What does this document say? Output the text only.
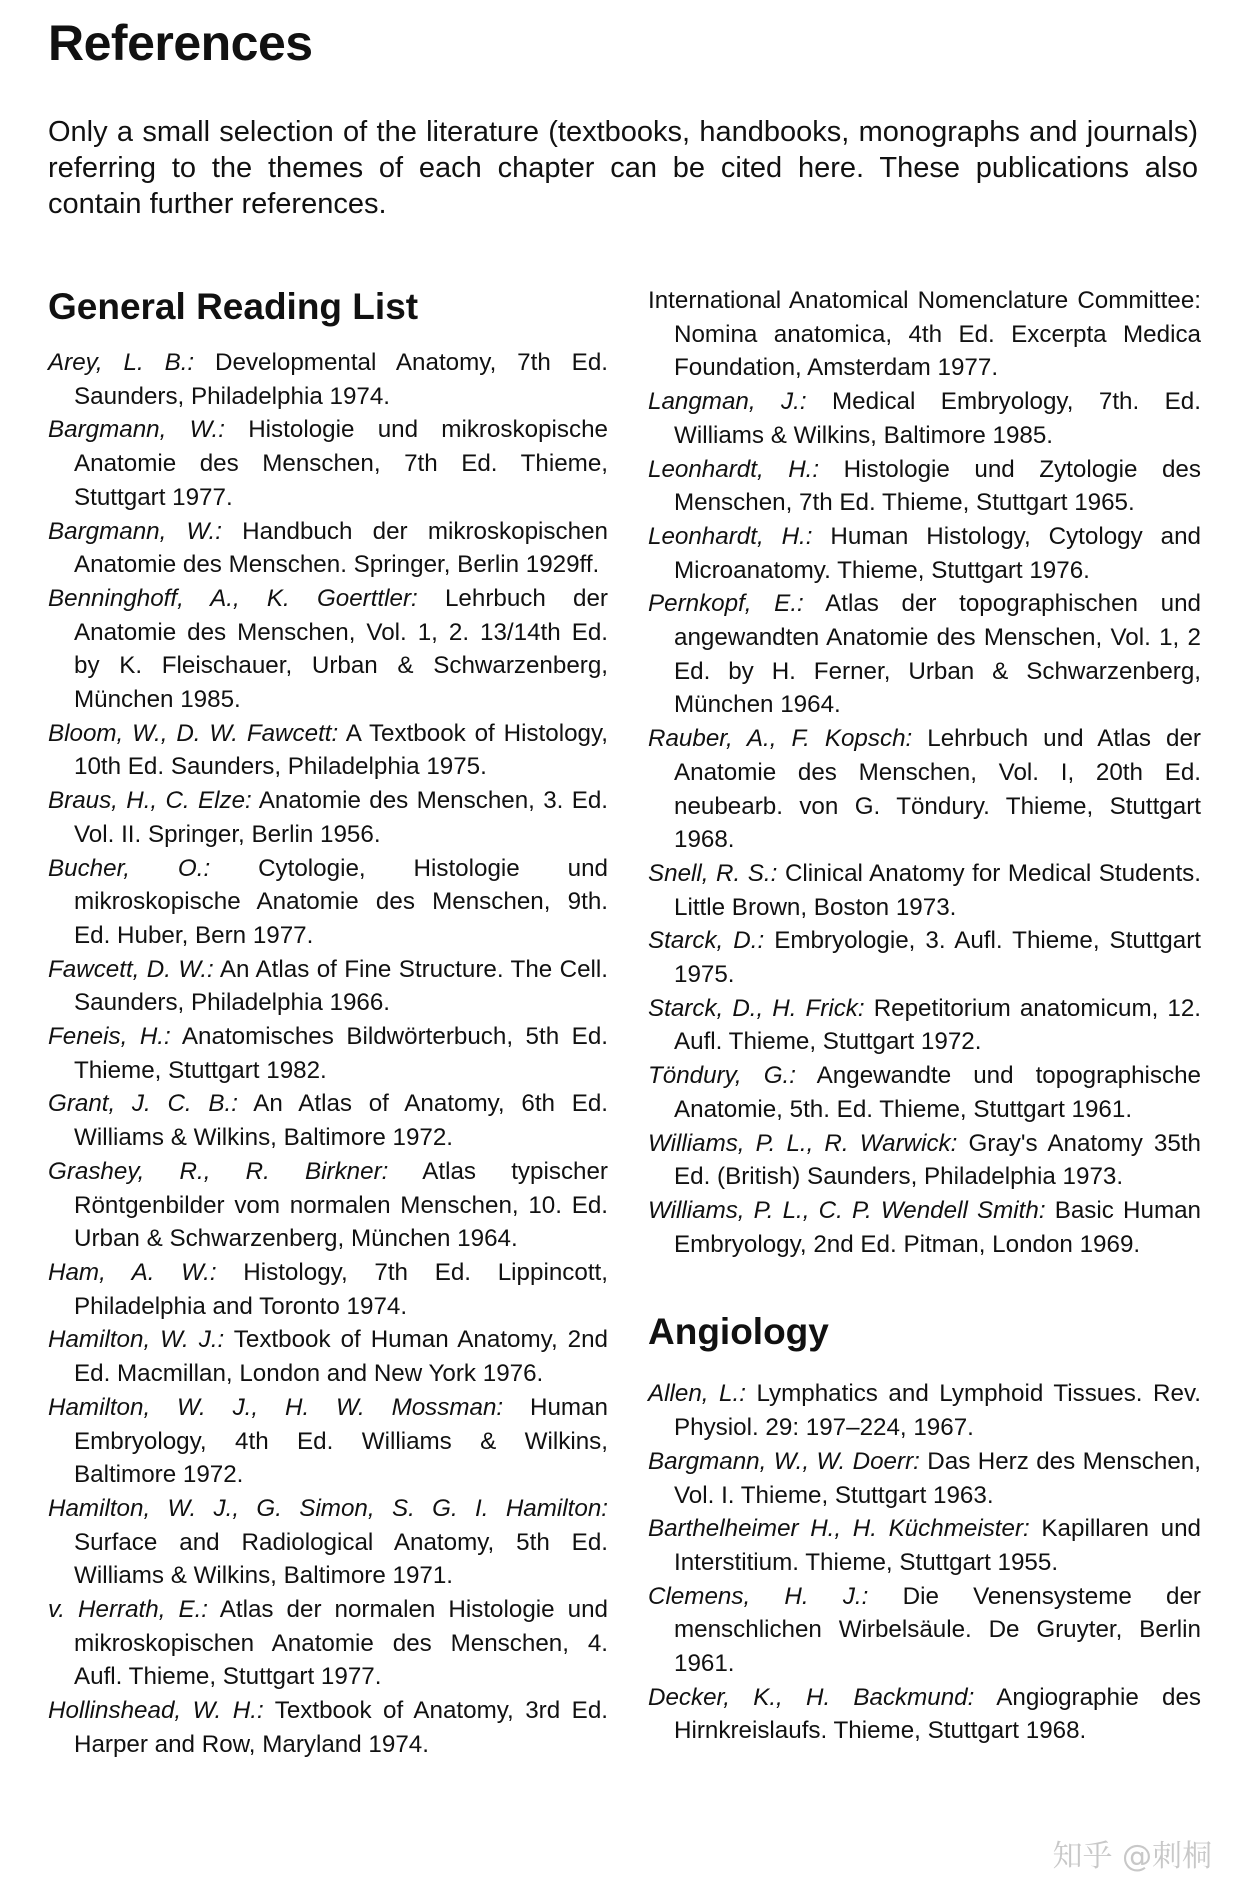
References

Only a small selection of the literature (textbooks, handbooks, monographs and journals) referring to the themes of each chapter can be cited here. These publications also contain further references.

General Reading List
Arey, L. B.: Developmental Anatomy, 7th Ed. Saunders, Philadelphia 1974.
Bargmann, W.: Histologie und mikroskopische Anatomie des Menschen, 7th Ed. Thieme, Stuttgart 1977.
Bargmann, W.: Handbuch der mikroskopischen Anatomie des Menschen. Springer, Berlin 1929ff.
Benninghoff, A., K. Goerttler: Lehrbuch der Anatomie des Menschen, Vol. 1, 2. 13/14th Ed. by K. Fleischauer, Urban & Schwarzenberg, München 1985.
Bloom, W., D. W. Fawcett: A Textbook of Histology, 10th Ed. Saunders, Philadelphia 1975.
Braus, H., C. Elze: Anatomie des Menschen, 3. Ed. Vol. II. Springer, Berlin 1956.
Bucher, O.: Cytologie, Histologie und mikroskopische Anatomie des Menschen, 9th. Ed. Huber, Bern 1977.
Fawcett, D. W.: An Atlas of Fine Structure. The Cell. Saunders, Philadelphia 1966.
Feneis, H.: Anatomisches Bildwörterbuch, 5th Ed. Thieme, Stuttgart 1982.
Grant, J. C. B.: An Atlas of Anatomy, 6th Ed. Williams & Wilkins, Baltimore 1972.
Grashey, R., R. Birkner: Atlas typischer Röntgenbilder vom normalen Menschen, 10. Ed. Urban & Schwarzenberg, München 1964.
Ham, A. W.: Histology, 7th Ed. Lippincott, Philadelphia and Toronto 1974.
Hamilton, W. J.: Textbook of Human Anatomy, 2nd Ed. Macmillan, London and New York 1976.
Hamilton, W. J., H. W. Mossman: Human Embryology, 4th Ed. Williams & Wilkins, Baltimore 1972.
Hamilton, W. J., G. Simon, S. G. I. Hamilton: Surface and Radiological Anatomy, 5th Ed. Williams & Wilkins, Baltimore 1971.
v. Herrath, E.: Atlas der normalen Histologie und mikroskopischen Anatomie des Menschen, 4. Aufl. Thieme, Stuttgart 1977.
Hollinshead, W. H.: Textbook of Anatomy, 3rd Ed. Harper and Row, Maryland 1974.
International Anatomical Nomenclature Committee: Nomina anatomica, 4th Ed. Excerpta Medica Foundation, Amsterdam 1977.
Langman, J.: Medical Embryology, 7th. Ed. Williams & Wilkins, Baltimore 1985.
Leonhardt, H.: Histologie und Zytologie des Menschen, 7th Ed. Thieme, Stuttgart 1965.
Leonhardt, H.: Human Histology, Cytology and Microanatomy. Thieme, Stuttgart 1976.
Pernkopf, E.: Atlas der topographischen und angewandten Anatomie des Menschen, Vol. 1, 2 Ed. by H. Ferner, Urban & Schwarzenberg, München 1964.
Rauber, A., F. Kopsch: Lehrbuch und Atlas der Anatomie des Menschen, Vol. I, 20th Ed. neubearb. von G. Töndury. Thieme, Stuttgart 1968.
Snell, R. S.: Clinical Anatomy for Medical Students. Little Brown, Boston 1973.
Starck, D.: Embryologie, 3. Aufl. Thieme, Stuttgart 1975.
Starck, D., H. Frick: Repetitorium anatomicum, 12. Aufl. Thieme, Stuttgart 1972.
Töndury, G.: Angewandte und topographische Anatomie, 5th. Ed. Thieme, Stuttgart 1961.
Williams, P. L., R. Warwick: Gray's Anatomy 35th Ed. (British) Saunders, Philadelphia 1973.
Williams, P. L., C. P. Wendell Smith: Basic Human Embryology, 2nd Ed. Pitman, London 1969.
Angiology
Allen, L.: Lymphatics and Lymphoid Tissues. Rev. Physiol. 29: 197–224, 1967.
Bargmann, W., W. Doerr: Das Herz des Menschen, Vol. I. Thieme, Stuttgart 1963.
Barthelheimer H., H. Küchmeister: Kapillaren und Interstitium. Thieme, Stuttgart 1955.
Clemens, H. J.: Die Venensysteme der menschlichen Wirbelsäule. De Gruyter, Berlin 1961.
Decker, K., H. Backmund: Angiographie des Hirnkreislaufs. Thieme, Stuttgart 1968.

知乎 @刺桐
